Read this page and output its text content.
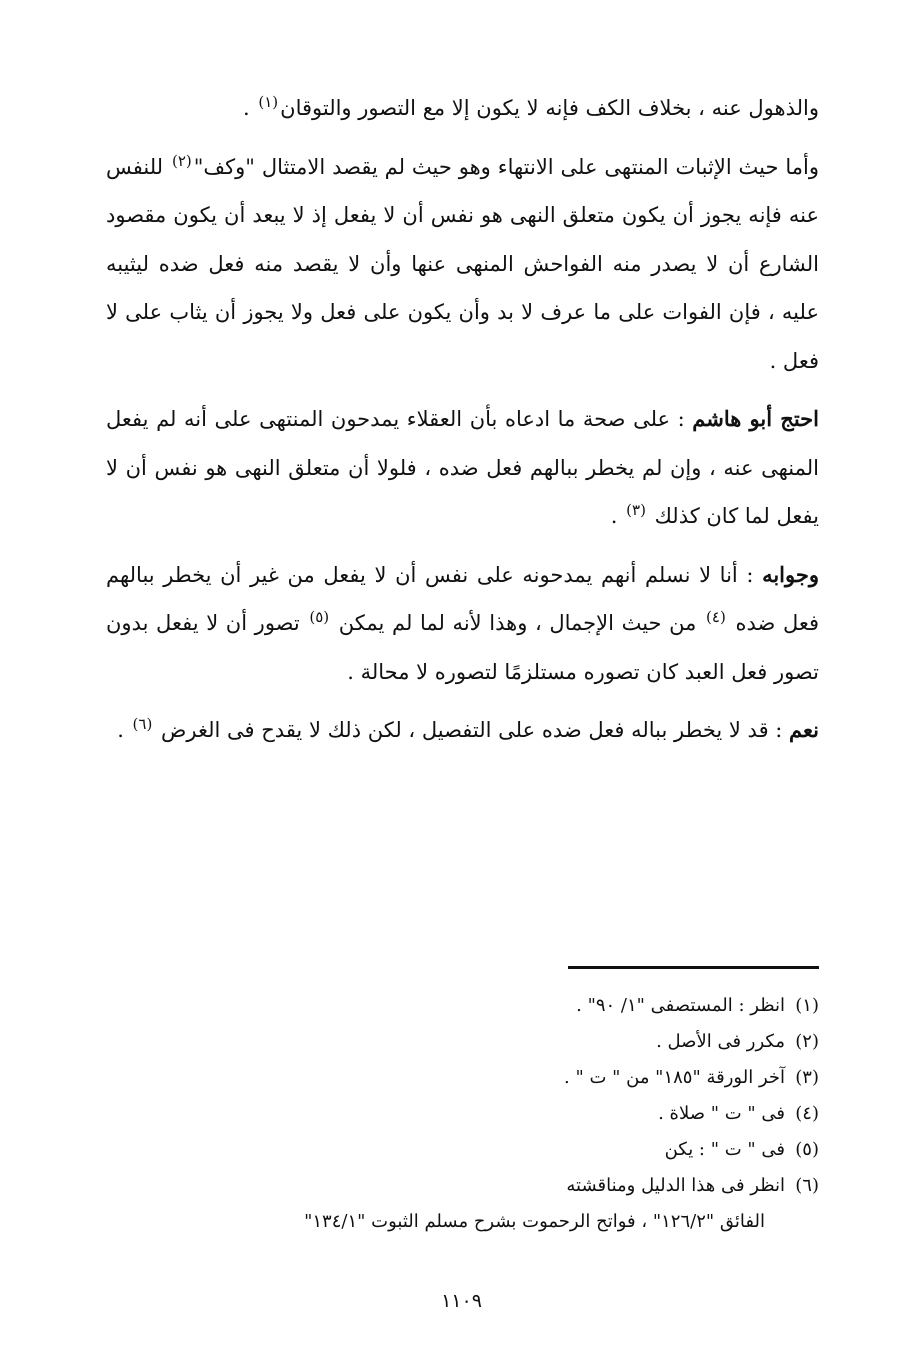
والذهول عنه ، بخلاف الكف فإنه لا يكون إلا مع التصور والتوقان$^{(١)}$ .

وأما حيث الإثبات المنتهى على الانتهاء وهو حيث لم يقصد الامتثال "وكف"$^{(٢)}$ للنفس عنه فإنه يجوز أن يكون متعلق النهى هو نفس أن لا يفعل إذ لا يبعد أن يكون مقصود الشارع أن لا يصدر منه الفواحش المنهى عنها وأن لا يقصد منه فعل ضده ليثيبه عليه ، فإن الفوات على ما عرف لا بد وأن يكون على فعل ولا يجوز أن يثاب على لا فعل .

احتج أبو هاشم : على صحة ما ادعاه بأن العقلاء يمدحون المنتهى على أنه لم يفعل المنهى عنه ، وإن لم يخطر ببالهم فعل ضده ، فلولا أن متعلق النهى هو نفس أن لا يفعل لما كان كذلك $^{(٣)}$ .

وجوابه : أنا لا نسلم أنهم يمدحونه على نفس أن لا يفعل من غير أن يخطر ببالهم فعل ضده $^{(٤)}$ من حيث الإجمال ، وهذا لأنه لما لم يمكن $^{(٥)}$ تصور أن لا يفعل بدون تصور فعل العبد كان تصوره مستلزمًا لتصوره لا محالة .

نعم : قد لا يخطر بباله فعل ضده على التفصيل ، لكن ذلك لا يقدح فى الغرض $^{(٦)}$ .

(١)
انظر : المستصفى "١/ ٩٠" .
(٢)
مكرر فى الأصل .
(٣)
آخر الورقة "١٨٥" من " ت " .
(٤)
فى " ت " صلاة .
(٥)
فى " ت " : يكن
(٦)
انظر فى هذا الدليل ومناقشته
الفائق "١٢٦/٢" ، فواتح الرحموت بشرح مسلم الثبوت "١٣٤/١"
١١٠٩
